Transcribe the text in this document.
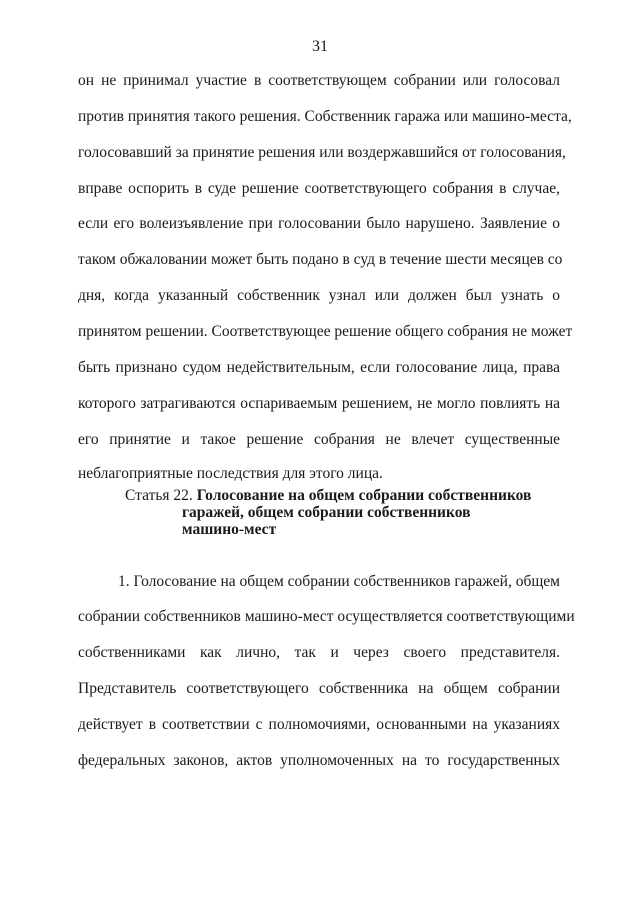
31
он не принимал участие в соответствующем собрании или голосовал
против принятия такого решения. Собственник гаража или машино-места,
голосовавший за принятие решения или воздержавшийся от голосования,
вправе оспорить в суде решение соответствующего собрания в случае,
если его волеизъявление при голосовании было нарушено. Заявление о
таком обжаловании может быть подано в суд в течение шести месяцев со
дня, когда указанный собственник узнал или должен был узнать о
принятом решении. Соответствующее решение общего собрания не может
быть признано судом недействительным, если голосование лица, права
которого затрагиваются оспариваемым решением, не могло повлиять на
его принятие и такое решение собрания не влечет существенные
неблагоприятные последствия для этого лица.
Статья 22. Голосование на общем собрании собственников
гаражей, общем собрании собственников
машино-мест
1. Голосование на общем собрании собственников гаражей, общем
собрании собственников машино-мест осуществляется соответствующими
собственниками как лично, так и через своего представителя.
Представитель соответствующего собственника на общем собрании
действует в соответствии с полномочиями, основанными на указаниях
федеральных законов, актов уполномоченных на то государственных
